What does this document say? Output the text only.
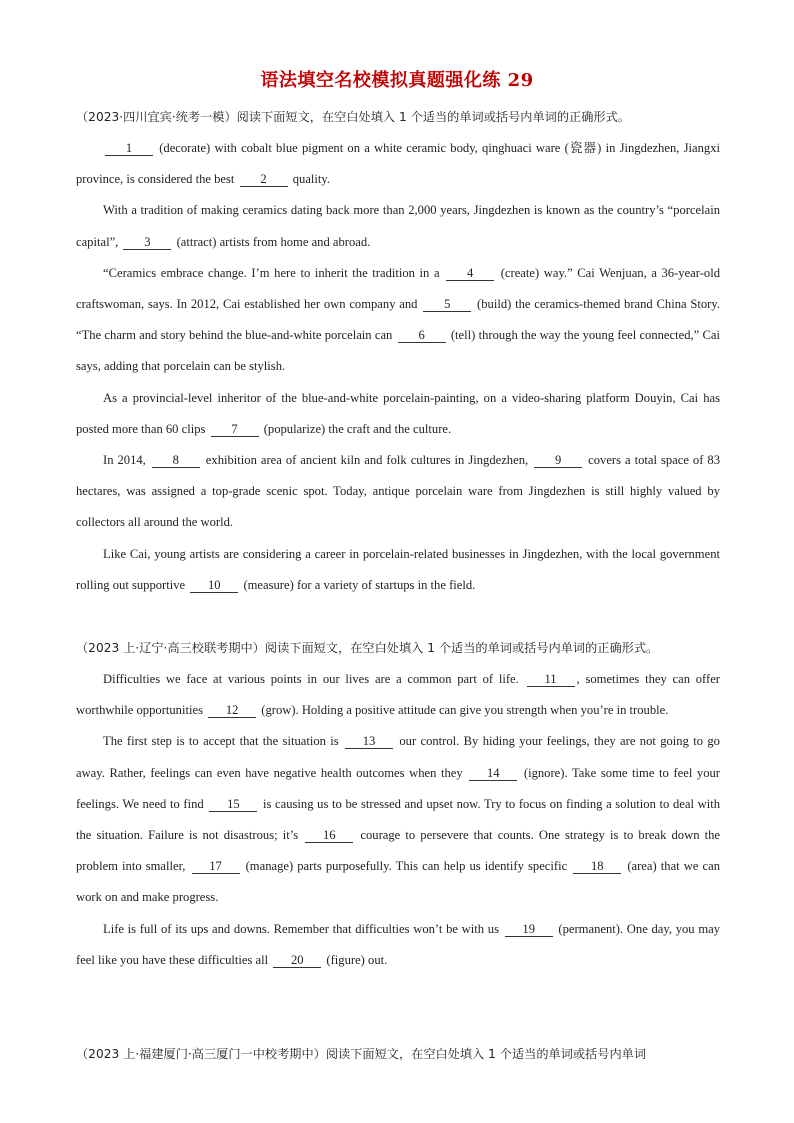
语法填空名校模拟真题强化练 29
（2023·四川宜宾·统考一模）阅读下面短文，在空白处填入 1 个适当的单词或括号内单词的正确形式。

1 (decorate) with cobalt blue pigment on a white ceramic body, qinghuaci ware (瓷器) in Jingdezhen, Jiangxi province, is considered the best 2 quality.

With a tradition of making ceramics dating back more than 2,000 years, Jingdezhen is known as the country’s “porcelain capital”, 3 (attract) artists from home and abroad.

“Ceramics embrace change. I’m here to inherit the tradition in a 4 (create) way.” Cai Wenjuan, a 36-year-old craftswoman, says. In 2012, Cai established her own company and 5 (build) the ceramics-themed brand China Story. “The charm and story behind the blue-and-white porcelain can 6 (tell) through the way the young feel connected,” Cai says, adding that porcelain can be stylish.

As a provincial-level inheritor of the blue-and-white porcelain-painting, on a video-sharing platform Douyin, Cai has posted more than 60 clips 7 (popularize) the craft and the culture.

In 2014, 8 exhibition area of ancient kiln and folk cultures in Jingdezhen, 9 covers a total space of 83 hectares, was assigned a top-grade scenic spot. Today, antique porcelain ware from Jingdezhen is still highly valued by collectors all around the world.

Like Cai, young artists are considering a career in porcelain-related businesses in Jingdezhen, with the local government rolling out supportive 10 (measure) for a variety of startups in the field.

（2023 上·辽宁·高三校联考期中）阅读下面短文，在空白处填入 1 个适当的单词或括号内单词的正确形式。

Difficulties we face at various points in our lives are a common part of life. 11 , sometimes they can offer worthwhile opportunities 12 (grow). Holding a positive attitude can give you strength when you’re in trouble.

The first step is to accept that the situation is 13 our control. By hiding your feelings, they are not going to go away. Rather, feelings can even have negative health outcomes when they 14 (ignore). Take some time to feel your feelings. We need to find 15 is causing us to be stressed and upset now. Try to focus on finding a solution to deal with the situation. Failure is not disastrous; it’s 16 courage to persevere that counts. One strategy is to break down the problem into smaller, 17 (manage) parts purposefully. This can help us identify specific 18 (area) that we can work on and make progress.

Life is full of its ups and downs. Remember that difficulties won’t be with us 19 (permanent). One day, you may feel like you have these difficulties all 20 (figure) out.

（2023 上·福建厦门·高三厦门一中校考期中）阅读下面短文，在空白处填入 1 个适当的单词或括号内单词
